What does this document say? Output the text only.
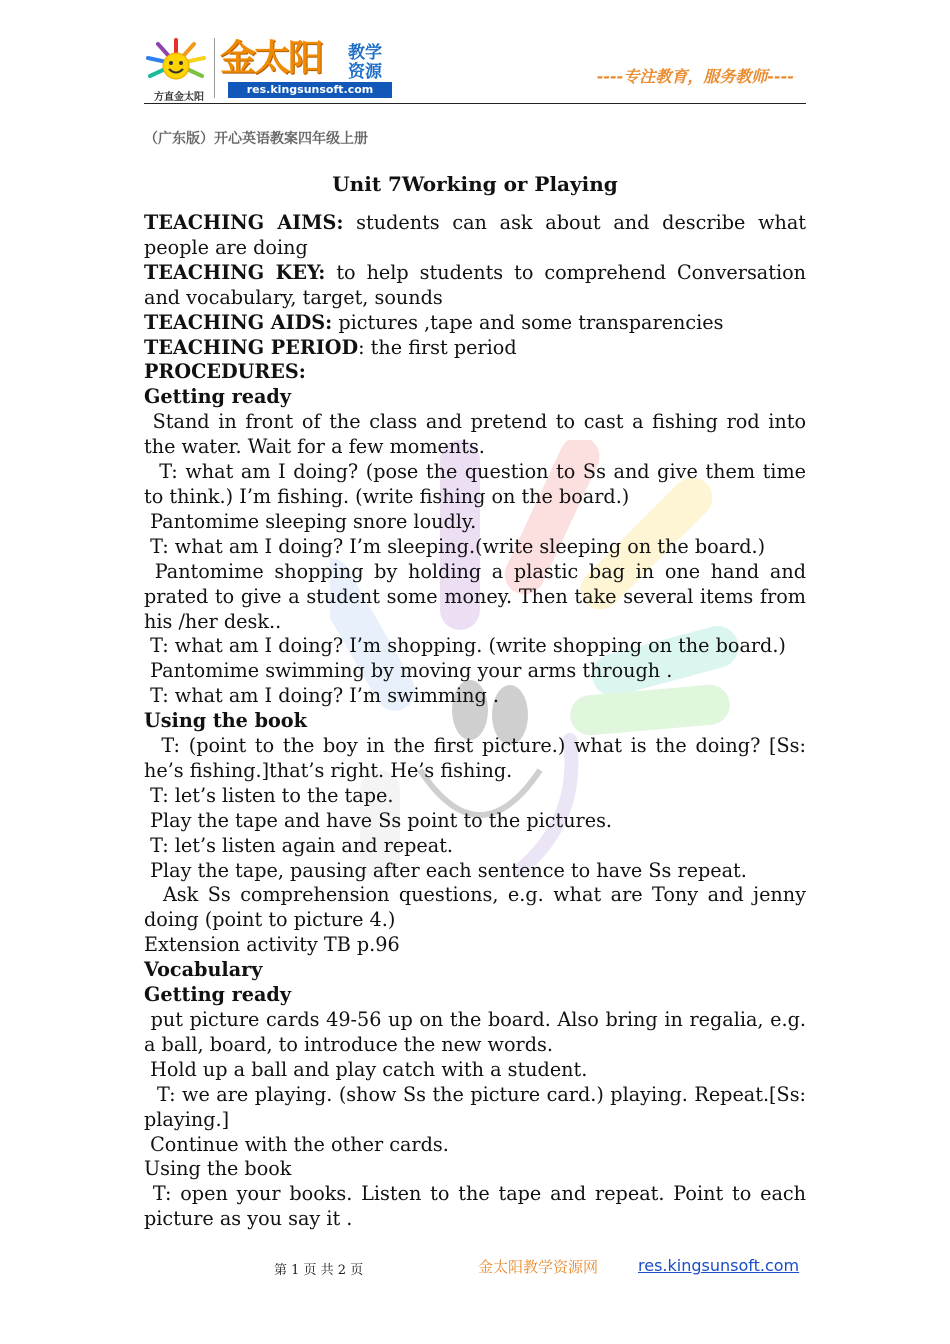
方直金太阳
金太阳 教学资源
res.kingsunsoft.com
----专注教育，服务教师----
（广东版）开心英语教案四年级上册
Unit 7Working or Playing

TEACHING AIMS: students can ask about and describe what people are doing

TEACHING KEY: to help students to comprehend Conversation and vocabulary, target, sounds

TEACHING AIDS: pictures ,tape and some transparencies

TEACHING PERIOD: the first period

PROCEDURES:

Getting ready

Stand in front of the class and pretend to cast a fishing rod into the water. Wait for a few moments.

T: what am I doing? (pose the question to Ss and give them time to think.) I’m fishing. (write fishing on the board.)

Pantomime sleeping snore loudly.

T: what am I doing? I’m sleeping.(write sleeping on the board.)

Pantomime shopping by holding a plastic bag in one hand and prated to give a student some money. Then take several items from his /her desk..

T: what am I doing? I’m shopping. (write shopping on the board.)

Pantomime swimming by moving your arms through .

T: what am I doing? I’m swimming .

Using the book

T: (point to the boy in the first picture.) what is the doing? [Ss: he’s fishing.]that’s right. He’s fishing.

T: let’s listen to the tape.

Play the tape and have Ss point to the pictures.

T: let’s listen again and repeat.

Play the tape, pausing after each sentence to have Ss repeat.

Ask Ss comprehension questions, e.g. what are Tony and jenny doing (point to picture 4.)

Extension activity TB p.96

Vocabulary

Getting ready

put picture cards 49-56 up on the board. Also bring in regalia, e.g. a ball, board, to introduce the new words.

Hold up a ball and play catch with a student.

T: we are playing. (show Ss the picture card.) playing. Repeat.[Ss: playing.]

Continue with the other cards.

Using the book

T: open your books. Listen to the tape and repeat. Point to each picture as you say it .

第 1 页 共 2 页	金太阳教学资源网 res.kingsunsoft.com
